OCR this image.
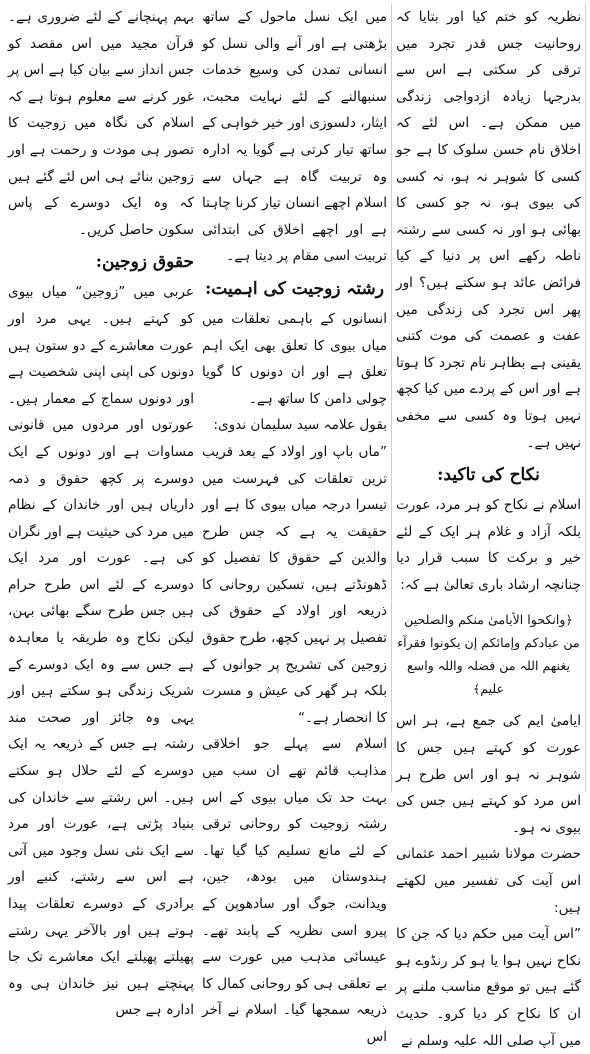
بہم پہنچانے کے لئے ضروری ہے۔ قرآن مجید میں اس مقصد کو جس انداز سے بیان کیا ہے اس پر غور کرنے سے معلوم ہوتا ہے کہ اسلام کی نگاہ میں زوجیت کا تصور ہی مودت و رحمت ہے اور زوجین بنائے ہی اس لئے گئے ہیں کہ وہ ایک دوسرے کے پاس سکون حاصل کریں۔

حقوق زوجین:

عربی میں ”زوجین“ میاں بیوی کو کہتے ہیں۔ یہی مرد اور عورت معاشرے کے دو ستون ہیں دونوں کی اپنی اپنی شخصیت ہے اور دونوں سماج کے معمار ہیں۔ عورتوں اور مردوں میں قانونی مساوات ہے اور دونوں کے ایک دوسرے پر کچھ حقوق و ذمہ داریاں ہیں اور خاندان کے نظام میں مرد کی حیثیت ہے اور نگران کی ہے۔ عورت اور مرد ایک دوسرے کے لئے اس طرح حرام ہیں جس طرح سگے بھائی بہن، لیکن نکاح وہ طریقہ یا معاہدہ ہے جس سے وہ ایک دوسرے کے شریک زندگی ہو سکتے ہیں اور یہی وہ جائز اور صحت مند رشتہ ہے جس کے ذریعہ یہ ایک دوسرے کے لئے حلال ہو سکتے ہیں۔ اس رشتے سے خاندان کی بنیاد پڑتی ہے، عورت اور مرد سے ایک نئی نسل وجود میں آتی ہے اس سے رشتے، کنبے اور برادری کے دوسرے تعلقات پیدا ہوتے ہیں اور بالآخر یہی رشتے پھیلتے پھیلتے ایک معاشرے تک جا پہنچتے ہیں نیز خاندان ہی وہ ادارہ ہے جس

میں ایک نسل ماحول کے ساتھ بڑھتی ہے اور آنے والی نسل کو انسانی تمدن کی وسیع خدمات سنبھالنے کے لئے نہایت محبت، ایثار، دلسوزی اور خیر خواہی کے ساتھ تیار کرتی ہے گویا یہ ادارہ وہ تربیت گاہ ہے جہاں سے اسلام اچھے انسان تیار کرنا چاہتا ہے اور اچھے اخلاق کی ابتدائی تربیت اسی مقام پر دیتا ہے۔

رشتہ زوجیت کی اہمیت:

انسانوں کے باہمی تعلقات میں میاں بیوی کا تعلق بھی ایک اہم تعلق ہے اور ان دونوں کا گویا چولی دامن کا ساتھ ہے۔

بقول علامہ سید سلیمان ندوی:

”ماں باپ اور اولاد کے بعد قریب ترین تعلقات کی فہرست میں تیسرا درجہ میاں بیوی کا ہے اور حقیقت یہ ہے کہ جس طرح والدین کے حقوق کا تفصیل کو ڈھونڈتے ہیں، تسکین روحانی کا ذریعہ اور اولاد کے حقوق کی تفصیل پر نہیں کچھ، طرح حقوق زوجین کی تشریح پر جوانوں کے بلکہ ہر گھر کی عیش و مسرت کا انحصار ہے۔“

اسلام سے پہلے جو اخلاقی مذاہب قائم تھے ان سب میں بہت حد تک میاں بیوی کے اس رشتہ زوجیت کو روحانی ترقی کے لئے مانع تسلیم کیا گیا تھا۔ ہندوستان میں بودھ، جین، ویدانت، جوگ اور سادھوپن کے پیرو اسی نظریہ کے پابند تھے۔ عیسائی مذہب میں عورت سے بے تعلقی ہی کو روحانی کمال کا ذریعہ سمجھا گیا۔ اسلام نے آخر اس

نظریہ کو ختم کیا اور بتایا کہ روحانیت جس قدر تجرد میں ترقی کر سکتی ہے اس سے بدرجہا زیادہ ازدواجی زندگی میں ممکن ہے۔ اس لئے کہ اخلاق نام حسن سلوک کا ہے جو کسی کا شوہر نہ ہو، نہ کسی کی بیوی ہو، نہ جو کسی کا بھائی ہو اور نہ کسی سے رشتہ ناطہ رکھے اس پر دنیا کے کیا فرائض عائد ہو سکتے ہیں؟ اور پھر اس تجرد کی زندگی میں عفت و عصمت کی موت کتنی یقینی ہے بظاہر نام تجرد کا ہوتا ہے اور اس کے پردے میں کیا کچھ نہیں ہوتا وہ کسی سے مخفی نہیں ہے۔

نکاح کی تاکید:

اسلام نے نکاح کو ہر مرد، عورت بلکہ آزاد و غلام ہر ایک کے لئے خیر و برکت کا سبب قرار دیا چنانچہ ارشاد باری تعالیٰ ہے کہ:

﴿وانکحوا الأیامیٰ منکم والصلحین من عبادکم وإمائکم إن یکونوا فقرآء یغنھم اللہ من فضلہ واللہ واسع علیم﴾

ایامیٰ ایم کی جمع ہے، ہر اس عورت کو کہتے ہیں جس کا شوہر نہ ہو اور اس طرح ہر اس مرد کو کہتے ہیں جس کی بیوی نہ ہو۔

حضرت مولانا شبیر احمد عثمانی اس آیت کی تفسیر میں لکھتے ہیں:

”اس آیت میں حکم دیا کہ جن کا نکاح نہیں ہوا یا ہو کر رنڈوے ہو گئے ہیں تو موقع مناسب ملنے پر ان کا نکاح کر دیا کرو۔ حدیث میں آپ صلی اللہ علیہ وسلم نے
